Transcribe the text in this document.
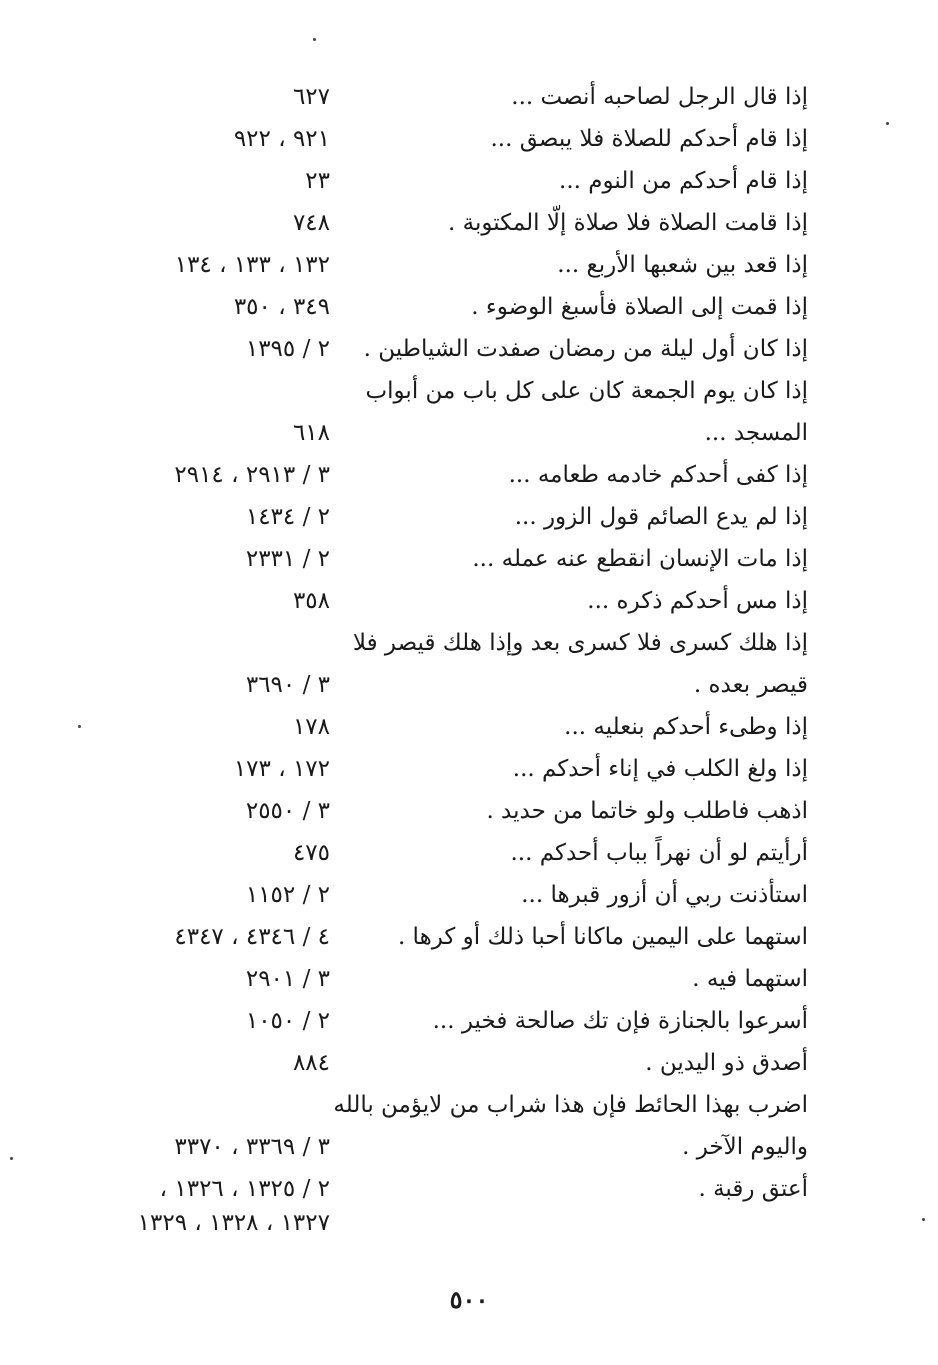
إذا قال الرجل لصاحبه أنصت ...
٦٢٧
إذا قام أحدكم للصلاة فلا يبصق ...
٩٢١ ، ٩٢٢
إذا قام أحدكم من النوم ...
٢٣
إذا قامت الصلاة فلا صلاة إلّا المكتوبة .
٧٤٨
إذا قعد بين شعبها الأربع ...
١٣٢ ، ١٣٣ ، ١٣٤
إذا قمت إلى الصلاة فأسبغ الوضوء .
٣٤٩ ، ٣٥٠
إذا كان أول ليلة من رمضان صفدت الشياطين .
٢ / ١٣٩٥
إذا كان يوم الجمعة كان على كل باب من أبواب
المسجد ...
٦١٨
إذا كفى أحدكم خادمه طعامه ...
٣ / ٢٩١٣ ، ٢٩١٤
إذا لم يدع الصائم قول الزور ...
٢ / ١٤٣٤
إذا مات الإنسان انقطع عنه عمله ...
٢ / ٢٣٣١
إذا مس أحدكم ذكره ...
٣٥٨
إذا هلك كسرى فلا كسرى بعد وإذا هلك قيصر فلا
قيصر بعده .
٣ / ٣٦٩٠
إذا وطىء أحدكم بنعليه ...
١٧٨
إذا ولغ الكلب في إناء أحدكم ...
١٧٢ ، ١٧٣
اذهب فاطلب ولو خاتما من حديد .
٣ / ٢٥٥٠
أرأيتم لو أن نهراً بباب أحدكم ...
٤٧٥
استأذنت ربي أن أزور قبرها ...
٢ / ١١٥٢
استهما على اليمين ماكانا أحبا ذلك أو كرها .
٤ / ٤٣٤٦ ، ٤٣٤٧
استهما فيه .
٣ / ٢٩٠١
أسرعوا بالجنازة فإن تك صالحة فخير ...
٢ / ١٠٥٠
أصدق ذو اليدين .
٨٨٤
اضرب بهذا الحائط فإن هذا شراب من لايؤمن بالله
واليوم الآخر .
٣ / ٣٣٦٩ ، ٣٣٧٠
أعتق رقبة .
٢ / ١٣٢٥ ، ١٣٢٦ ،
١٣٢٧ ، ١٣٢٨ ، ١٣٢٩
٥٠٠
